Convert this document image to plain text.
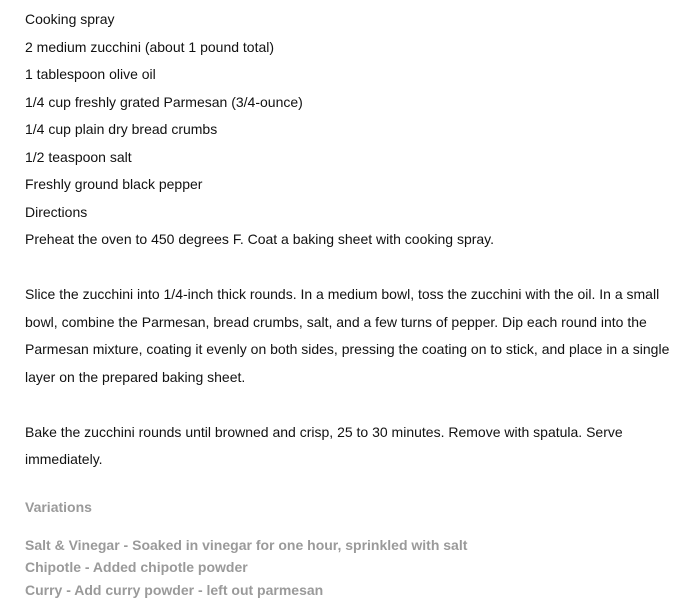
Cooking spray
2 medium zucchini (about 1 pound total)
1 tablespoon olive oil
1/4 cup freshly grated Parmesan (3/4-ounce)
1/4 cup plain dry bread crumbs
1/2 teaspoon salt
Freshly ground black pepper
Directions

Preheat the oven to 450 degrees F. Coat a baking sheet with cooking spray.

Slice the zucchini into 1/4-inch thick rounds. In a medium bowl, toss the zucchini with the oil. In a small bowl, combine the Parmesan, bread crumbs, salt, and a few turns of pepper. Dip each round into the Parmesan mixture, coating it evenly on both sides, pressing the coating on to stick, and place in a single layer on the prepared baking sheet.

Bake the zucchini rounds until browned and crisp, 25 to 30 minutes. Remove with spatula. Serve immediately.

Variations
Salt & Vinegar - Soaked in vinegar for one hour, sprinkled with salt
Chipotle - Added chipotle powder
Curry - Add curry powder - left out parmesan
